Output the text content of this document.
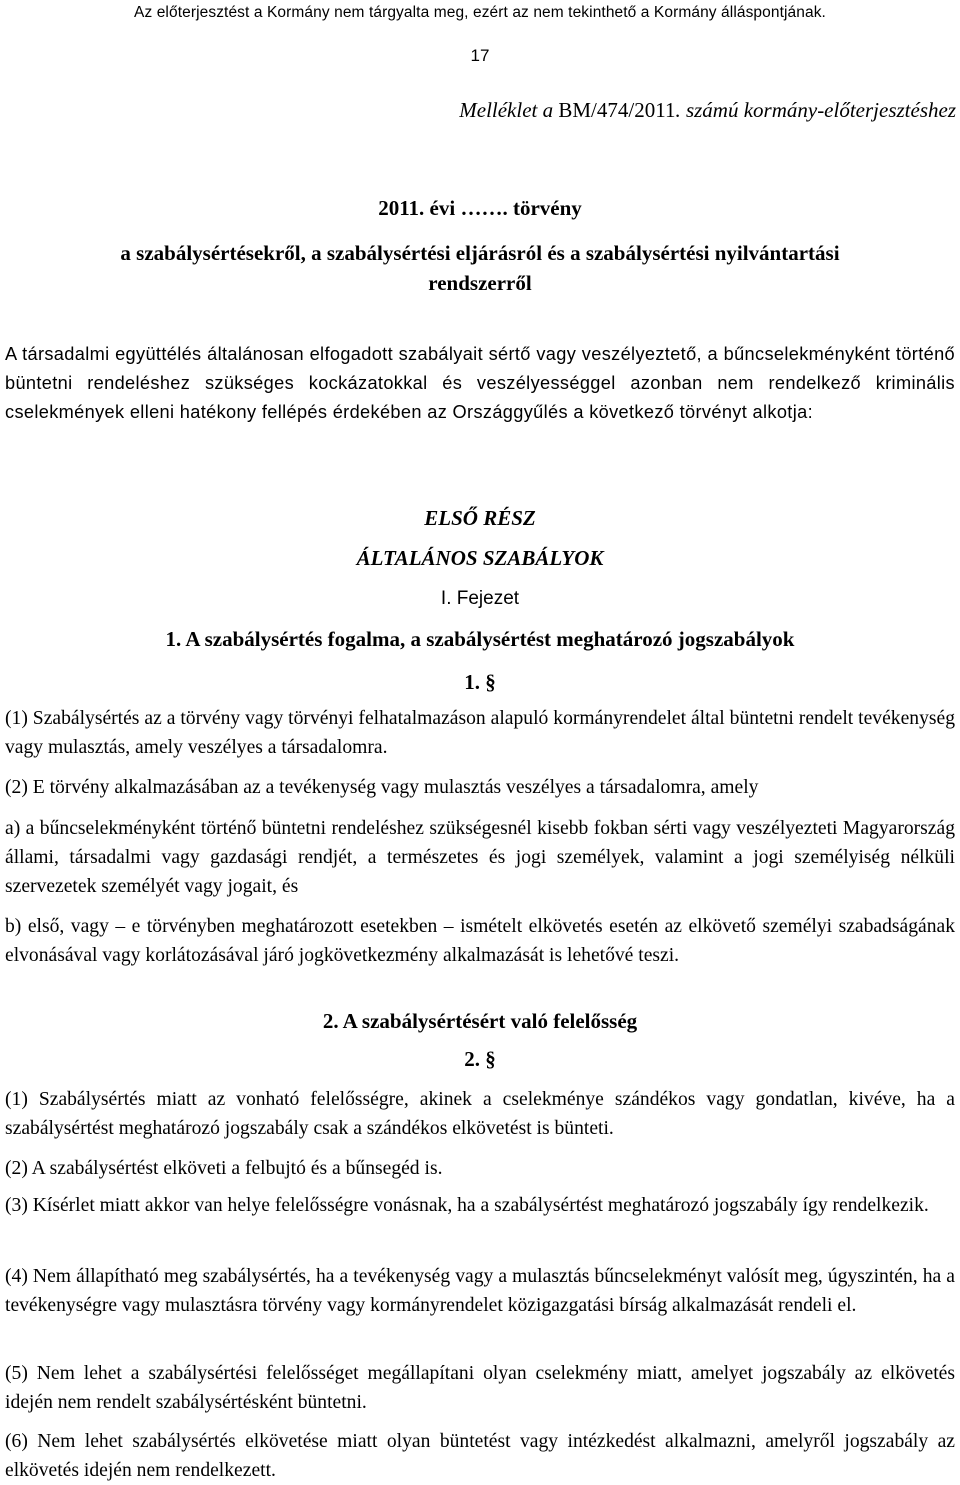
Az előterjesztést a Kormány nem tárgyalta meg, ezért az nem tekinthető a Kormány álláspontjának.
17
Melléklet a BM/474/2011. számú kormány-előterjesztéshez
2011. évi ……. törvény
a szabálysértésekről, a szabálysértési eljárásról és a szabálysértési nyilvántartási
rendszerről
A társadalmi együttélés általánosan elfogadott szabályait sértő vagy veszélyeztető, a bűncselekményként történő büntetni rendeléshez szükséges kockázatokkal és veszélyességgel azonban nem rendelkező kriminális cselekmények elleni hatékony fellépés érdekében az Országgyűlés a következő törvényt alkotja:
ELSŐ RÉSZ
ÁLTALÁNOS SZABÁLYOK
I. Fejezet
1. A szabálysértés fogalma, a szabálysértést meghatározó jogszabályok
1. §
(1) Szabálysértés az a törvény vagy törvényi felhatalmazáson alapuló kormányrendelet által büntetni rendelt tevékenység vagy mulasztás, amely veszélyes a társadalomra.
(2) E törvény alkalmazásában az a tevékenység vagy mulasztás veszélyes a társadalomra, amely
a) a bűncselekményként történő büntetni rendeléshez szükségesnél kisebb fokban sérti vagy veszélyezteti Magyarország állami, társadalmi vagy gazdasági rendjét, a természetes és jogi személyek, valamint a jogi személyiség nélküli szervezetek személyét vagy jogait, és
b) első, vagy – e törvényben meghatározott esetekben – ismételt elkövetés esetén az elkövető személyi szabadságának elvonásával vagy korlátozásával járó jogkövetkezmény alkalmazását is lehetővé teszi.
2. A szabálysértésért való felelősség
2. §
(1) Szabálysértés miatt az vonható felelősségre, akinek a cselekménye szándékos vagy gondatlan, kivéve, ha a szabálysértést meghatározó jogszabály csak a szándékos elkövetést is bünteti.
(2) A szabálysértést elköveti a felbujtó és a bűnsegéd is.
(3) Kísérlet miatt akkor van helye felelősségre vonásnak, ha a szabálysértést meghatározó jogszabály így rendelkezik.
(4) Nem állapítható meg szabálysértés, ha a tevékenység vagy a mulasztás bűncselekményt valósít meg, úgyszintén, ha a tevékenységre vagy mulasztásra törvény vagy kormányrendelet közigazgatási bírság alkalmazását rendeli el.
(5) Nem lehet a szabálysértési felelősséget megállapítani olyan cselekmény miatt, amelyet jogszabály az elkövetés idején nem rendelt szabálysértésként büntetni.
(6) Nem lehet szabálysértés elkövetése miatt olyan büntetést vagy intézkedést alkalmazni, amelyről jogszabály az elkövetés idején nem rendelkezett.
